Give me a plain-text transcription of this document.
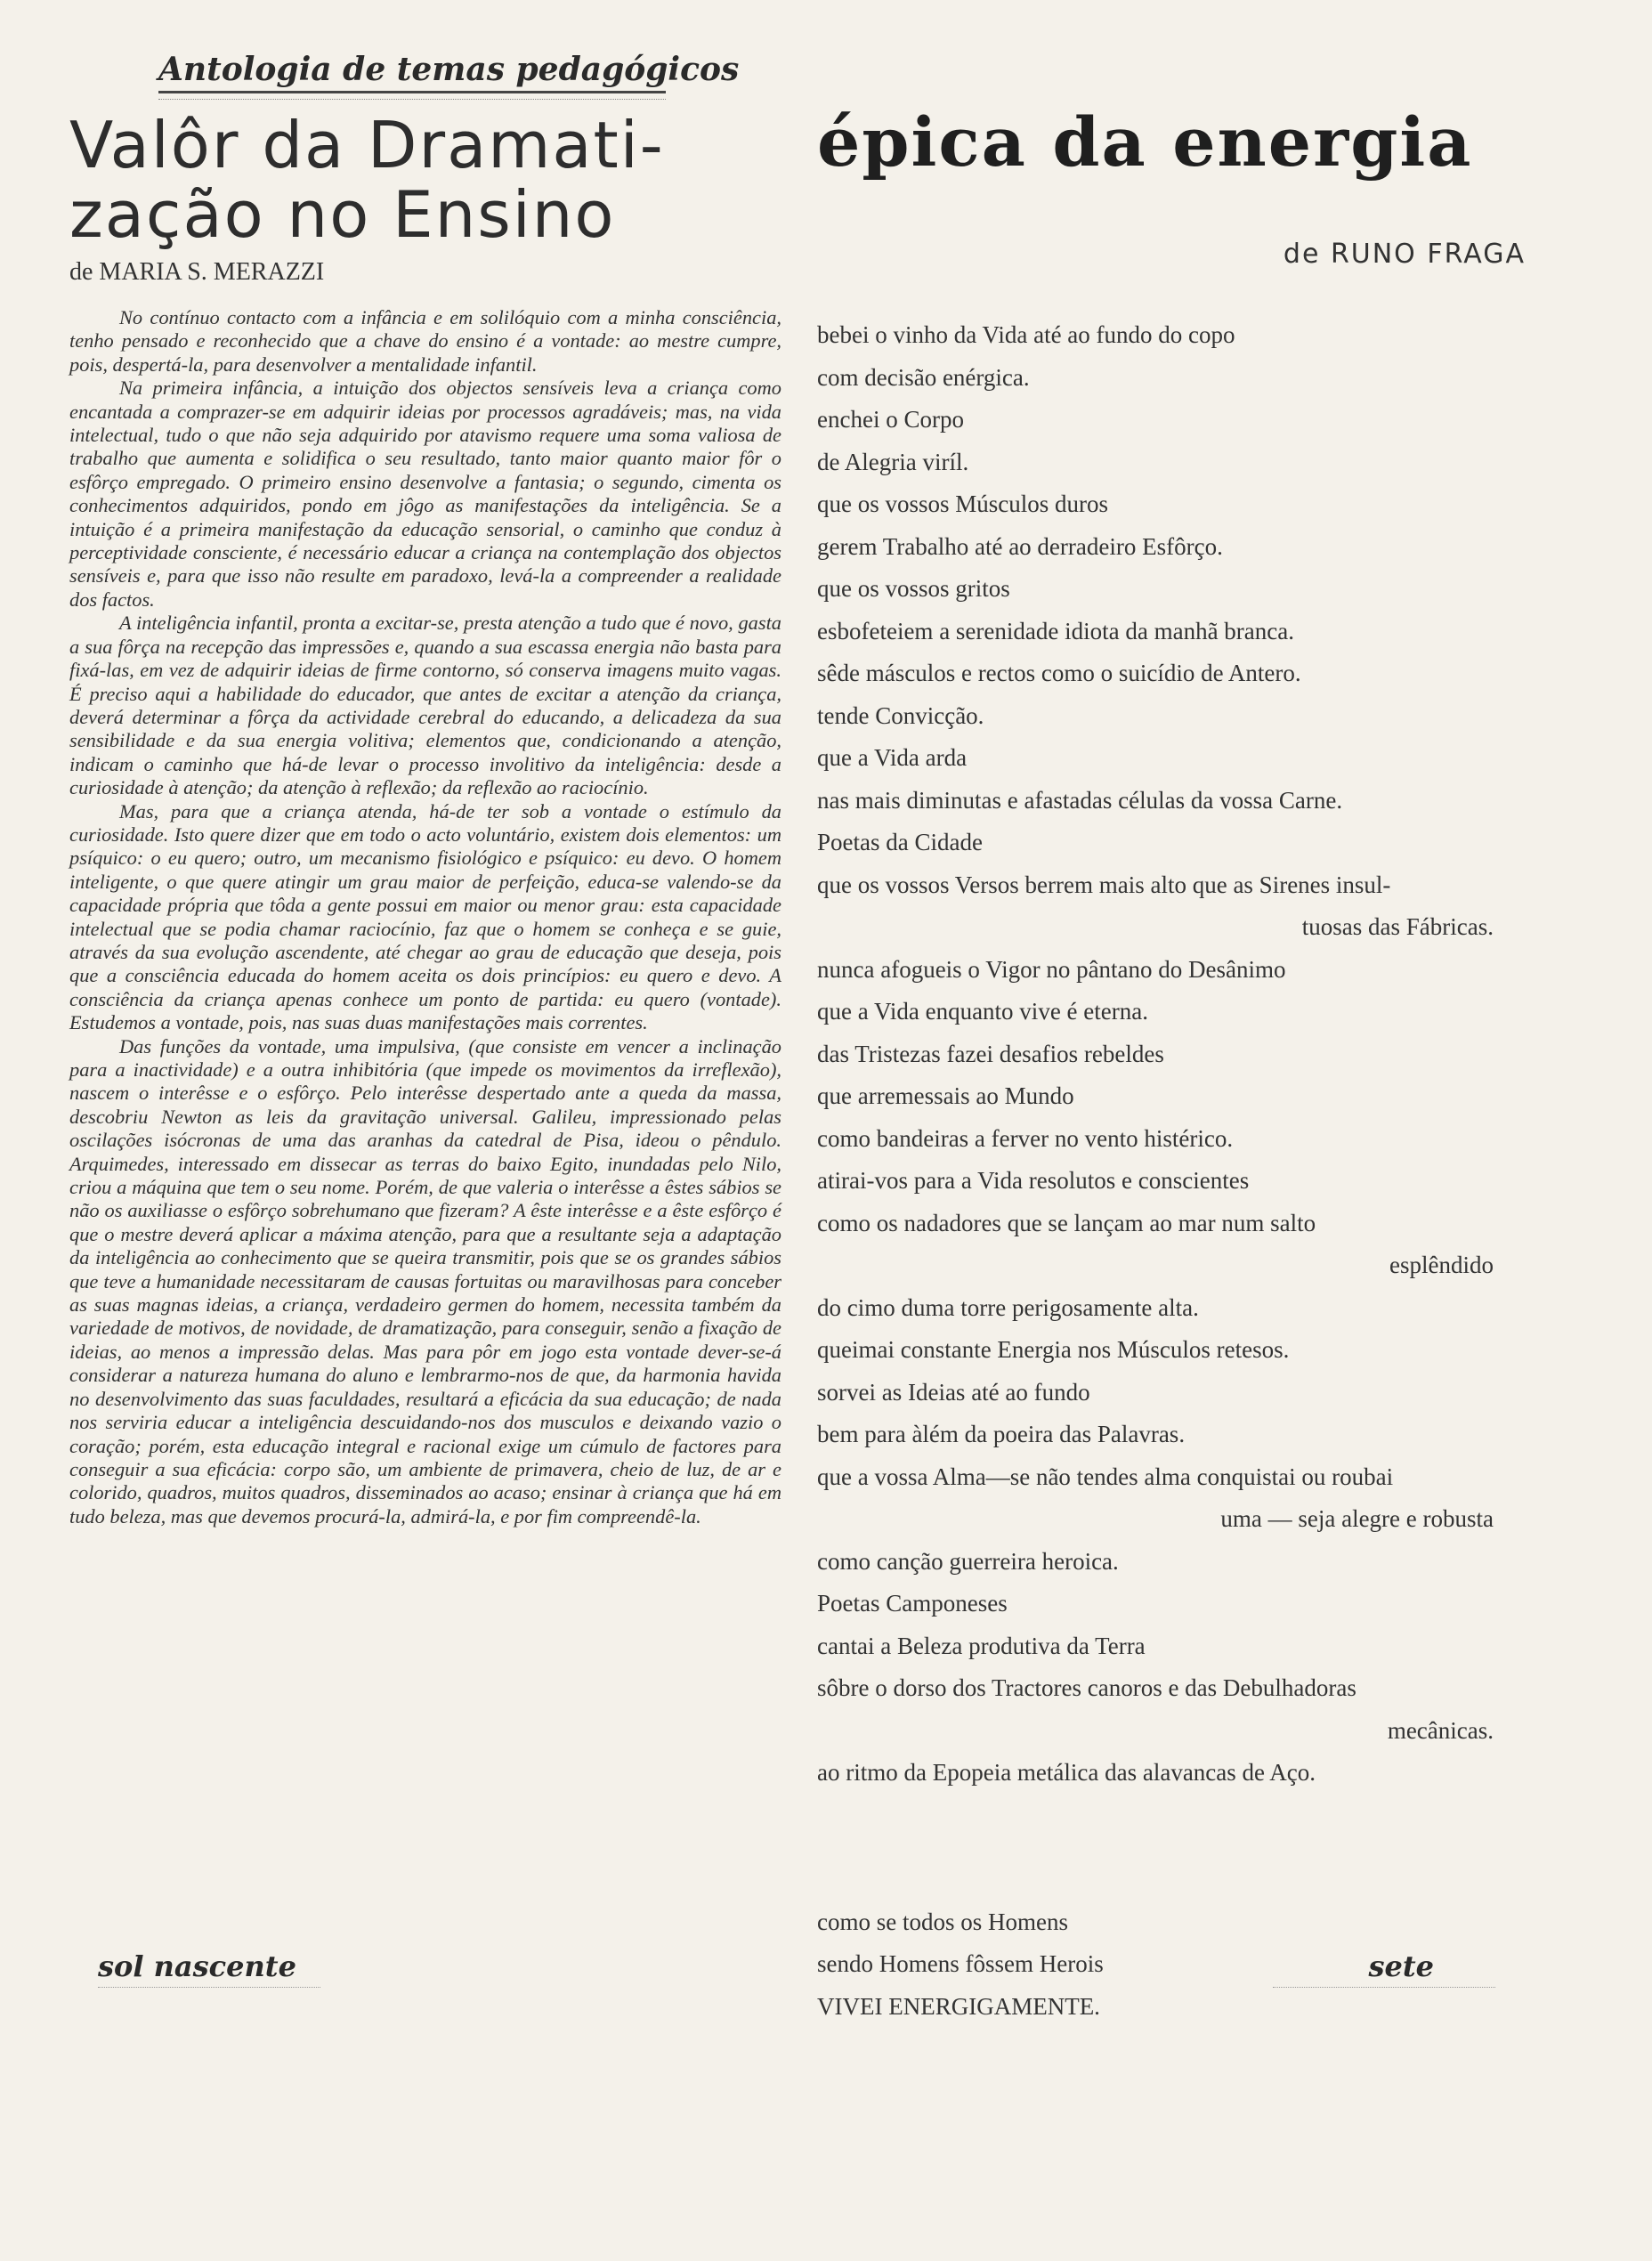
Antologia de temas pedagógicos
Valôr da Dramati-
zação no Ensino
de MARIA S. MERAZZI

No contínuo contacto com a infância e em solilóquio com a minha consciência, tenho pensado e reconhecido que a chave do ensino é a vontade: ao mestre cumpre, pois, despertá-la, para desenvolver a mentalidade infantil.

Na primeira infância, a intuição dos objectos sensíveis leva a criança como encantada a comprazer-se em adquirir ideias por processos agradáveis; mas, na vida intelectual, tudo o que não seja adquirido por atavismo requere uma soma valiosa de trabalho que aumenta e solidifica o seu resultado, tanto maior quanto maior fôr o esfôrço empregado. O primeiro ensino desenvolve a fantasia; o segundo, cimenta os conhecimentos adquiridos, pondo em jôgo as manifestações da inteligência. Se a intuição é a primeira manifestação da educação sensorial, o caminho que conduz à perceptividade consciente, é necessário educar a criança na contemplação dos objectos sensíveis e, para que isso não resulte em paradoxo, levá-la a compreender a realidade dos factos.

A inteligência infantil, pronta a excitar-se, presta atenção a tudo que é novo, gasta a sua fôrça na recepção das impressões e, quando a sua escassa energia não basta para fixá-las, em vez de adquirir ideias de firme contorno, só conserva imagens muito vagas. É preciso aqui a habilidade do educador, que antes de excitar a atenção da criança, deverá determinar a fôrça da actividade cerebral do educando, a delicadeza da sua sensibilidade e da sua energia volitiva; elementos que, condicionando a atenção, indicam o caminho que há-de levar o processo involitivo da inteligência: desde a curiosidade à atenção; da atenção à reflexão; da reflexão ao raciocínio.

Mas, para que a criança atenda, há-de ter sob a vontade o estímulo da curiosidade. Isto quere dizer que em todo o acto voluntário, existem dois elementos: um psíquico: o eu quero; outro, um mecanismo fisiológico e psíquico: eu devo. O homem inteligente, o que quere atingir um grau maior de perfeição, educa-se valendo-se da capacidade própria que tôda a gente possui em maior ou menor grau: esta capacidade intelectual que se podia chamar raciocínio, faz que o homem se conheça e se guie, através da sua evolução ascendente, até chegar ao grau de educação que deseja, pois que a consciência educada do homem aceita os dois princípios: eu quero e devo. A consciência da criança apenas conhece um ponto de partida: eu quero (vontade). Estudemos a vontade, pois, nas suas duas manifestações mais correntes.

Das funções da vontade, uma impulsiva, (que consiste em vencer a inclinação para a inactividade) e a outra inhibitória (que impede os movimentos da irreflexão), nascem o interêsse e o esfôrço. Pelo interêsse despertado ante a queda da massa, descobriu Newton as leis da gravitação universal. Galileu, impressionado pelas oscilações isócronas de uma das aranhas da catedral de Pisa, ideou o pêndulo. Arquimedes, interessado em dissecar as terras do baixo Egito, inundadas pelo Nilo, criou a máquina que tem o seu nome. Porém, de que valeria o interêsse a êstes sábios se não os auxiliasse o esfôrço sobrehumano que fizeram? A êste interêsse e a êste esfôrço é que o mestre deverá aplicar a máxima atenção, para que a resultante seja a adaptação da inteligência ao conhecimento que se queira transmitir, pois que se os grandes sábios que teve a humanidade necessitaram de causas fortuitas ou maravilhosas para conceber as suas magnas ideias, a criança, verdadeiro germen do homem, necessita também da variedade de motivos, de novidade, de dramatização, para conseguir, senão a fixação de ideias, ao menos a impressão delas. Mas para pôr em jogo esta vontade dever-se-á considerar a natureza humana do aluno e lembrarmo-nos de que, da harmonia havida no desenvolvimento das suas faculdades, resultará a eficácia da sua educação; de nada nos serviria educar a inteligência descuidando-nos dos musculos e deixando vazio o coração; porém, esta educação integral e racional exige um cúmulo de factores para conseguir a sua eficácia: corpo são, um ambiente de primavera, cheio de luz, de ar e colorido, quadros, muitos quadros, disseminados ao acaso; ensinar à criança que há em tudo beleza, mas que devemos procurá-la, admirá-la, e por fim compreendê-la.

épica da energia
de RUNO FRAGA
bebei o vinho da Vida até ao fundo do copo
com decisão enérgica.
enchei o Corpo
de Alegria viríl.
que os vossos Músculos duros
gerem Trabalho até ao derradeiro Esfôrço.
que os vossos gritos
esbofeteiem a serenidade idiota da manhã branca.
sêde másculos e rectos como o suicídio de Antero.
tende Convicção.
que a Vida arda
nas mais diminutas e afastadas células da vossa Carne.
Poetas da Cidade
que os vossos Versos berrem mais alto que as Sirenes insul-
tuosas das Fábricas.
nunca afogueis o Vigor no pântano do Desânimo
que a Vida enquanto vive é eterna.
das Tristezas fazei desafios rebeldes
que arremessais ao Mundo
como bandeiras a ferver no vento histérico.
atirai-vos para a Vida resolutos e conscientes
como os nadadores que se lançam ao mar num salto
esplêndido
do cimo duma torre perigosamente alta.
queimai constante Energia nos Músculos retesos.
sorvei as Ideias até ao fundo
bem para àlém da poeira das Palavras.
que a vossa Alma—se não tendes alma conquistai ou roubai
uma — seja alegre e robusta
como canção guerreira heroica.
Poetas Camponeses
cantai a Beleza produtiva da Terra
sôbre o dorso dos Tractores canoros e das Debulhadoras
mecânicas.
ao ritmo da Epopeia metálica das alavancas de Aço.
como se todos os Homens
sendo Homens fôssem Herois
VIVEI ENERGIGAMENTE.
sol nascente	sete
